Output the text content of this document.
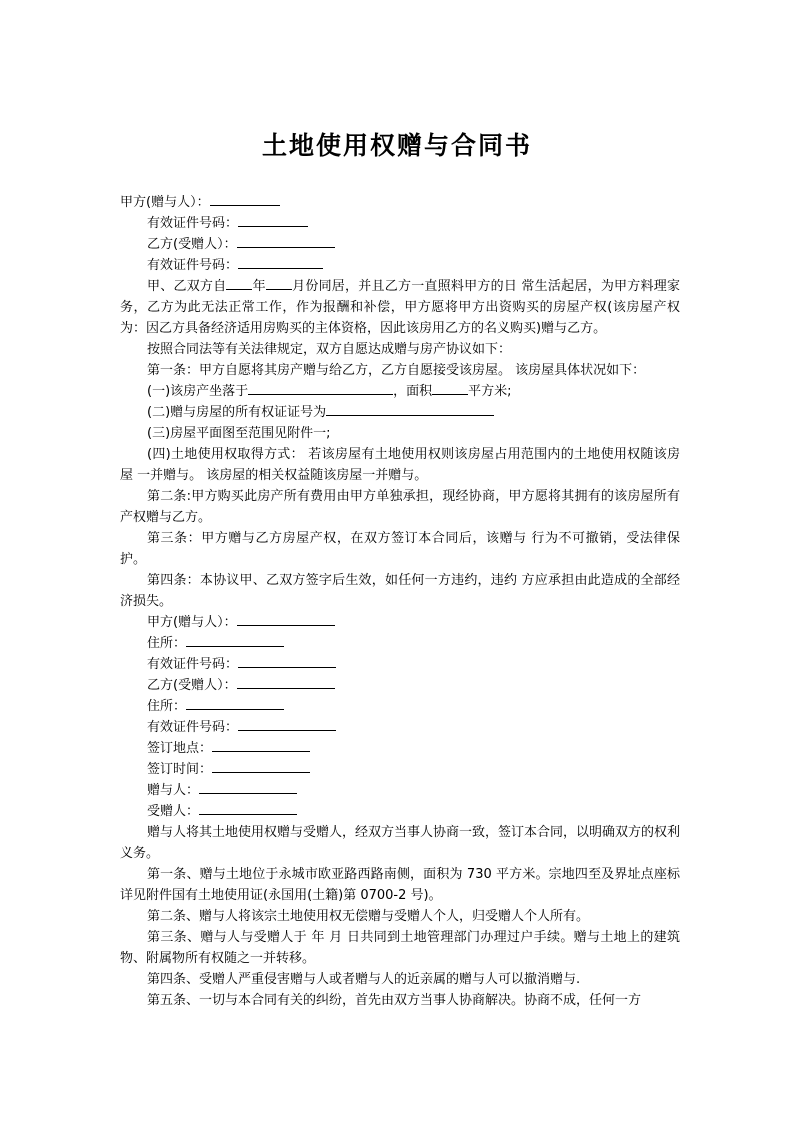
土地使用权赠与合同书
甲方(赠与人）：
有效证件号码：
乙方(受赠人）：
有效证件号码：
甲、乙双方自 年 月份同居，并且乙方一直照料甲方的日 常生活起居，为甲方料理家务，乙方为此无法正常工作，作为报酬和补偿，甲方愿将甲方出资购买的房屋产权(该房屋产权为：因乙方具备经济适用房购买的主体资格，因此该房用乙方的名义购买)赠与乙方。
按照合同法等有关法律规定，双方自愿达成赠与房产协议如下：
第一条：甲方自愿将其房产赠与给乙方，乙方自愿接受该房屋。 该房屋具体状况如下：
(一)该房产坐落于	，面积	平方米;
(二)赠与房屋的所有权证证号为
(三)房屋平面图至范围见附件一;
(四)土地使用权取得方式： 若该房屋有土地使用权则该房屋占用范围内的土地使用权随该房屋 一并赠与。 该房屋的相关权益随该房屋一并赠与。
第二条:甲方购买此房产所有费用由甲方单独承担，现经协商，甲方愿将其拥有的该房屋所有产权赠与乙方。
第三条：甲方赠与乙方房屋产权，在双方签订本合同后，该赠与 行为不可撤销，受法律保护。
第四条：本协议甲、乙双方签字后生效，如任何一方违约，违约 方应承担由此造成的全部经济损失。
甲方(赠与人）：
住所：
有效证件号码：
乙方(受赠人）：
住所：
有效证件号码：
签订地点：
签订时间：
赠与人：
受赠人：
赠与人将其土地使用权赠与受赠人，经双方当事人协商一致，签订本合同，以明确双方的权利义务。
第一条、赠与土地位于永城市欧亚路西路南侧，面积为 730 平方米。宗地四至及界址点座标详见附件国有土地使用证(永国用(土籍)第 0700-2 号)。
第二条、赠与人将该宗土地使用权无偿赠与受赠人个人，归受赠人个人所有。
第三条、赠与人与受赠人于 年 月 日共同到土地管理部门办理过户手续。赠与土地上的建筑物、附属物所有权随之一并转移。
第四条、受赠人严重侵害赠与人或者赠与人的近亲属的赠与人可以撤消赠与.
第五条、一切与本合同有关的纠纷，首先由双方当事人协商解决。协商不成，任何一方
